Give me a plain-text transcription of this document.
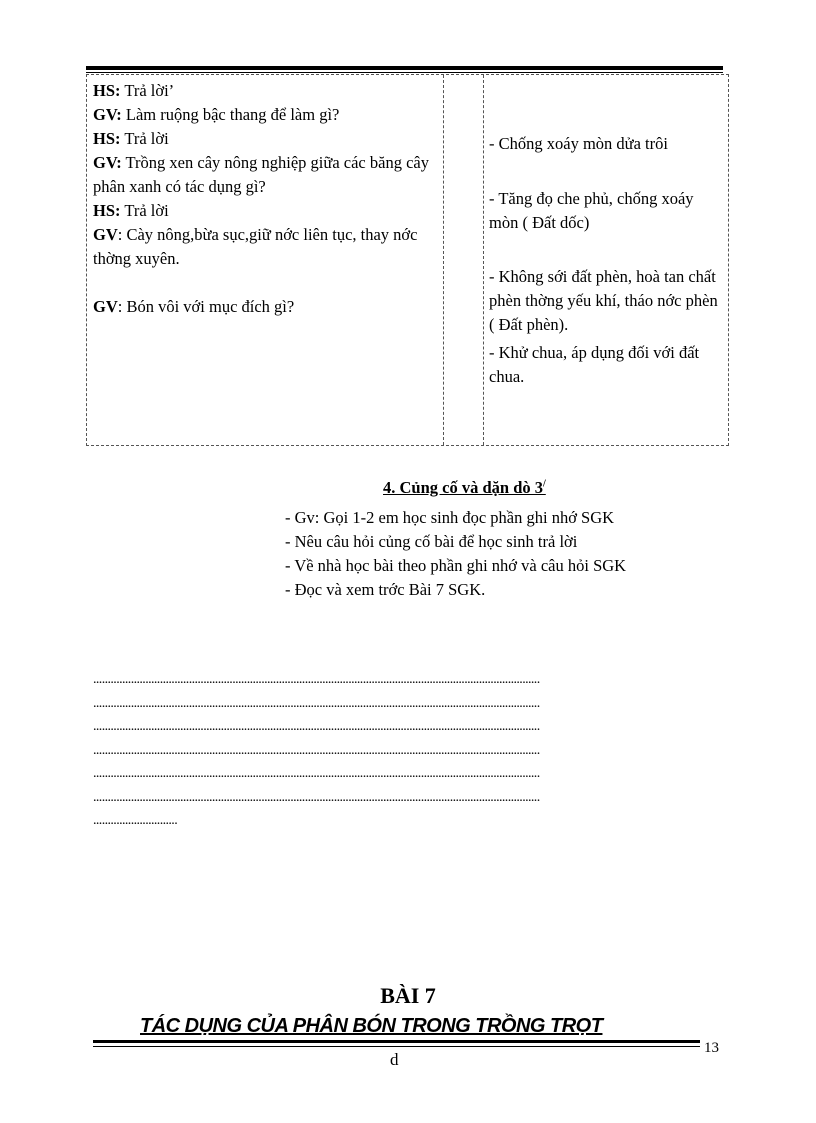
HS: Trả lời’

GV: Làm ruộng bậc thang để làm gì?

HS: Trả lời

GV: Trồng xen cây nông nghiệp giữa các băng cây phân xanh có tác dụng gì?

HS: Trả lời

GV: Cày nông,bừa sục,giữ nớc liên tục, thay nớc thờng xuyên.

GV: Bón vôi với mục đích gì?

- Chống xoáy mòn dửa trôi

- Tăng đọ che phủ, chống xoáy mòn ( Đất dốc)

- Không sới đất phèn, hoà tan chất phèn thờng yếu khí, tháo nớc phèn ( Đất phèn).

- Khử chua, áp dụng đối với đất chua.

4. Củng cố và dặn dò 3/

- Gv: Gọi 1-2 em học sinh đọc phần ghi nhớ SGK

- Nêu câu hỏi củng cố bài để học sinh trả lời

- Về nhà học bài theo phần ghi nhớ và câu hỏi SGK

- Đọc và xem trớc Bài 7 SGK.

..........................................................................................................................................................

..........................................................................................................................................................

..........................................................................................................................................................

..........................................................................................................................................................

..........................................................................................................................................................

..........................................................................................................................................................

.............................

BÀI 7
TÁC DỤNG CỦA PHÂN BÓN TRONG TRỒNG TRỌT
d
13
